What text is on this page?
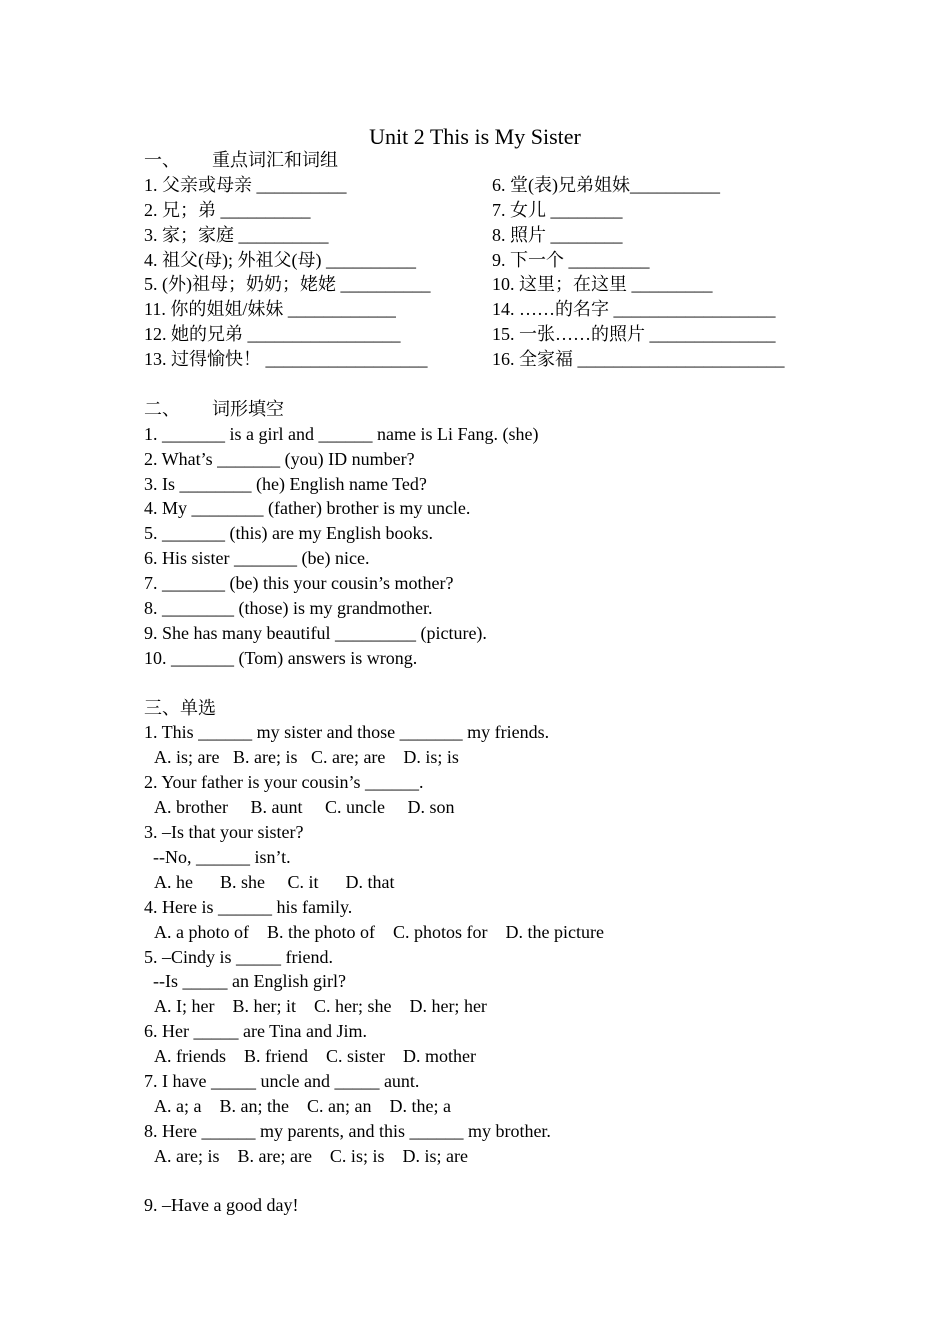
Unit 2 This is My Sister
一、 重点词汇和词组
1. 父亲或母亲 __________	6. 堂(表)兄弟姐妹__________
2. 兄；弟 __________	7. 女儿 ________
3. 家；家庭 __________	8. 照片 ________
4. 祖父(母); 外祖父(母) __________	9. 下一个 _________
5. (外)祖母；奶奶；姥姥 __________	10. 这里；在这里 _________
11. 你的姐姐/妹妹 ____________	14. ……的名字 __________________
12. 她的兄弟 _________________	15. 一张……的照片 ______________
13. 过得愉快！ __________________	16. 全家福 _______________________
二、 词形填空
1. _______ is a girl and ______ name is Li Fang. (she)
2. What’s _______ (you) ID number?
3. Is ________ (he) English name Ted?
4. My ________ (father) brother is my uncle.
5. _______ (this) are my English books.
6. His sister _______ (be) nice.
7. _______ (be) this your cousin’s mother?
8. ________ (those) is my grandmother.
9. She has many beautiful _________ (picture).
10. _______ (Tom) answers is wrong.
三、单选
1. This ______ my sister and those _______ my friends.
A. is; are   B. are; is   C. are; are    D. is; is
2. Your father is your cousin’s ______.
A. brother     B. aunt     C. uncle     D. son
3. –Is that your sister?
--No, ______ isn’t.
A. he      B. she     C. it      D. that
4. Here is ______ his family.
A. a photo of    B. the photo of    C. photos for    D. the picture
5. –Cindy is _____ friend.
--Is _____ an English girl?
A. I; her    B. her; it    C. her; she    D. her; her
6. Her _____ are Tina and Jim.
A. friends    B. friend    C. sister    D. mother
7. I have _____ uncle and _____ aunt.
A. a; a    B. an; the    C. an; an    D. the; a
8. Here ______ my parents, and this ______ my brother.
A. are; is    B. are; are    C. is; is    D. is; are
9. –Have a good day!
